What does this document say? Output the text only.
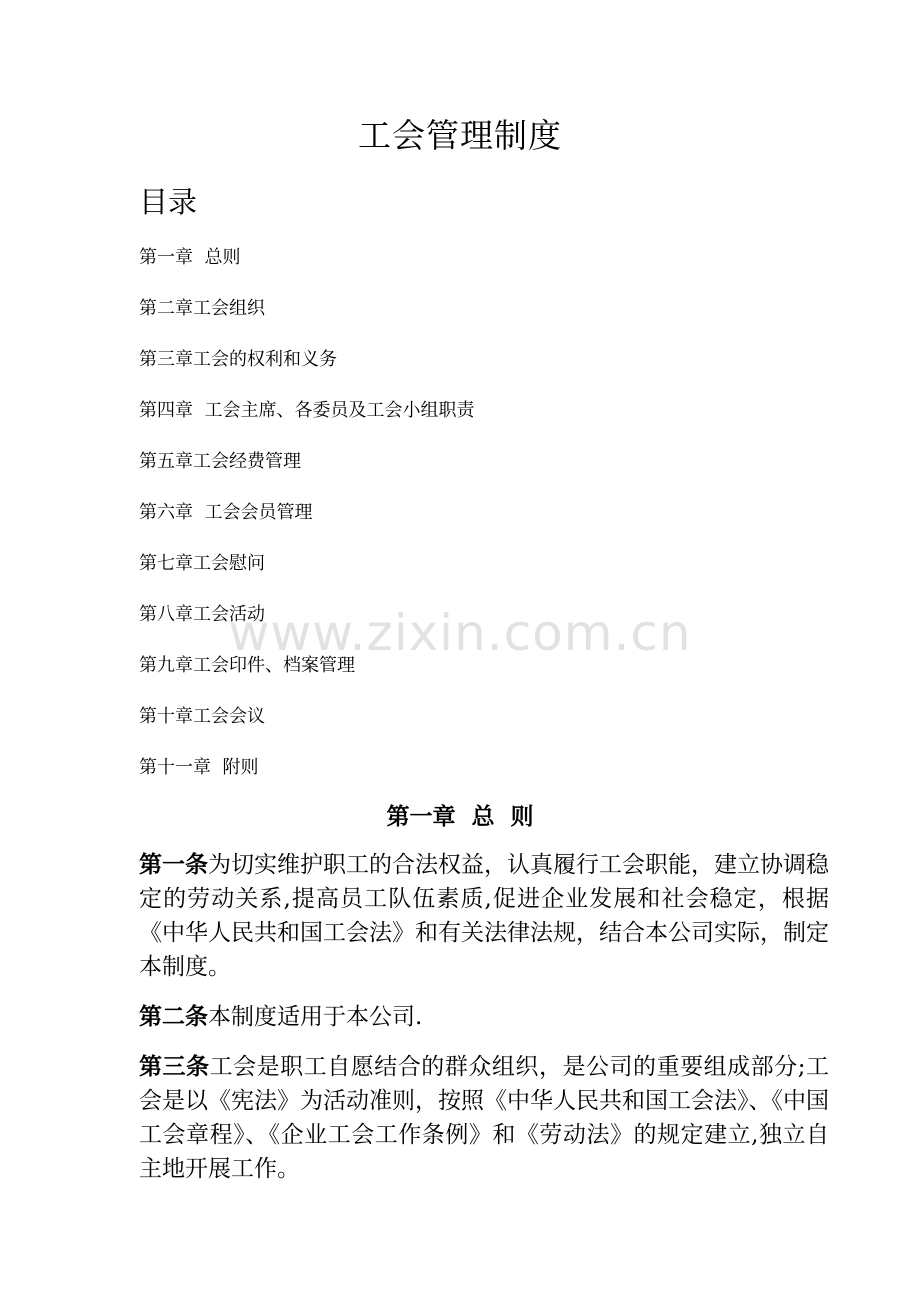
工会管理制度
目录
第一章  总则
第二章工会组织
第三章工会的权利和义务
第四章  工会主席、各委员及工会小组职责
第五章工会经费管理
第六章  工会会员管理
第七章工会慰问
第八章工会活动
第九章工会印件、档案管理
第十章工会会议
第十一章  附则
www.zixin.com.cn
第一章  总  则

第一条为切实维护职工的合法权益，认真履行工会职能，建立协调稳定的劳动关系,提高员工队伍素质,促进企业发展和社会稳定，根据《中华人民共和国工会法》和有关法律法规，结合本公司实际，制定本制度。

第二条本制度适用于本公司.

第三条工会是职工自愿结合的群众组织，是公司的重要组成部分;工会是以《宪法》为活动准则，按照《中华人民共和国工会法》、《中国工会章程》、《企业工会工作条例》和《劳动法》的规定建立,独立自主地开展工作。
